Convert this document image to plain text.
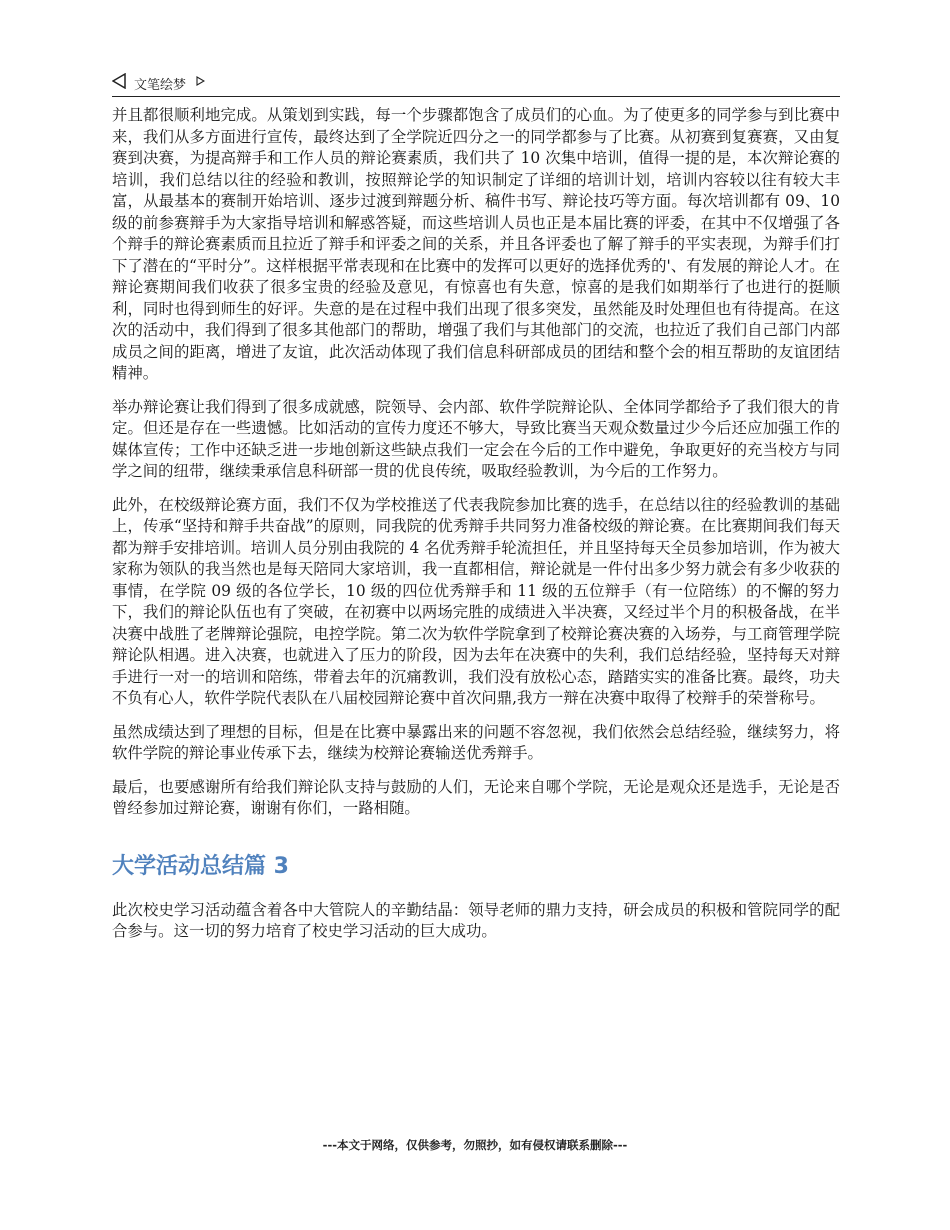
文笔绘梦

并且都很顺利地完成。从策划到实践，每一个步骤都饱含了成员们的心血。为了使更多的同学参与到比赛中来，我们从多方面进行宣传，最终达到了全学院近四分之一的同学都参与了比赛。从初赛到复赛赛，又由复赛到决赛，为提高辩手和工作人员的辩论赛素质，我们共了 10 次集中培训，值得一提的是，本次辩论赛的培训，我们总结以往的经验和教训，按照辩论学的知识制定了详细的培训计划，培训内容较以往有较大丰富，从最基本的赛制开始培训、逐步过渡到辩题分析、稿件书写、辩论技巧等方面。每次培训都有 09、10 级的前参赛辩手为大家指导培训和解惑答疑，而这些培训人员也正是本届比赛的评委，在其中不仅增强了各个辩手的辩论赛素质而且拉近了辩手和评委之间的关系，并且各评委也了解了辩手的平实表现，为辩手们打下了潜在的“平时分”。这样根据平常表现和在比赛中的发挥可以更好的选择优秀的'、有发展的辩论人才。在辩论赛期间我们收获了很多宝贵的经验及意见，有惊喜也有失意，惊喜的是我们如期举行了也进行的挺顺利，同时也得到师生的好评。失意的是在过程中我们出现了很多突发，虽然能及时处理但也有待提高。在这次的活动中，我们得到了很多其他部门的帮助，增强了我们与其他部门的交流，也拉近了我们自己部门内部成员之间的距离，增进了友谊，此次活动体现了我们信息科研部成员的团结和整个会的相互帮助的友谊团结精神。

举办辩论赛让我们得到了很多成就感，院领导、会内部、软件学院辩论队、全体同学都给予了我们很大的肯定。但还是存在一些遗憾。比如活动的宣传力度还不够大，导致比赛当天观众数量过少今后还应加强工作的媒体宣传；工作中还缺乏进一步地创新这些缺点我们一定会在今后的工作中避免，争取更好的充当校方与同学之间的纽带，继续秉承信息科研部一贯的优良传统，吸取经验教训，为今后的工作努力。

此外，在校级辩论赛方面，我们不仅为学校推送了代表我院参加比赛的选手，在总结以往的经验教训的基础上，传承“坚持和辩手共奋战”的原则，同我院的优秀辩手共同努力准备校级的辩论赛。在比赛期间我们每天都为辩手安排培训。培训人员分别由我院的 4 名优秀辩手轮流担任，并且坚持每天全员参加培训，作为被大家称为领队的我当然也是每天陪同大家培训，我一直都相信，辩论就是一件付出多少努力就会有多少收获的事情，在学院 09 级的各位学长，10 级的四位优秀辩手和 11 级的五位辩手（有一位陪练）的不懈的努力下，我们的辩论队伍也有了突破，在初赛中以两场完胜的成绩进入半决赛，又经过半个月的积极备战，在半决赛中战胜了老牌辩论强院，电控学院。第二次为软件学院拿到了校辩论赛决赛的入场券，与工商管理学院辩论队相遇。进入决赛，也就进入了压力的阶段，因为去年在决赛中的失利，我们总结经验，坚持每天对辩手进行一对一的培训和陪练，带着去年的沉痛教训，我们没有放松心态，踏踏实实的准备比赛。最终，功夫不负有心人，软件学院代表队在八届校园辩论赛中首次问鼎,我方一辩在决赛中取得了校辩手的荣誉称号。

虽然成绩达到了理想的目标，但是在比赛中暴露出来的问题不容忽视，我们依然会总结经验，继续努力，将软件学院的辩论事业传承下去，继续为校辩论赛输送优秀辩手。

最后，也要感谢所有给我们辩论队支持与鼓励的人们，无论来自哪个学院，无论是观众还是选手，无论是否曾经参加过辩论赛，谢谢有你们，一路相随。

大学活动总结篇 3

此次校史学习活动蕴含着各中大管院人的辛勤结晶：领导老师的鼎力支持，研会成员的积极和管院同学的配合参与。这一切的努力培育了校史学习活动的巨大成功。

---本文于网络，仅供参考，勿照抄，如有侵权请联系删除---
